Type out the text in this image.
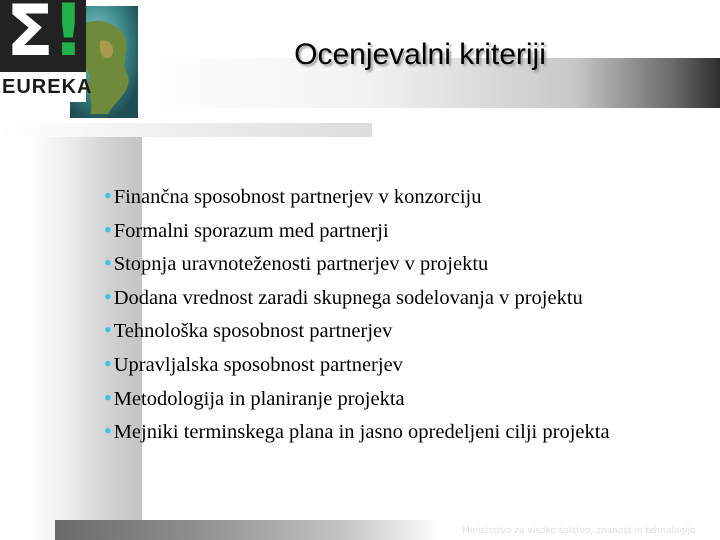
Σ
!
EUREKA
Ocenjevalni kriteriji
•Finančna sposobnost partnerjev v konzorciju
•Formalni sporazum med partnerji
•Stopnja uravnoteženosti partnerjev v projektu
•Dodana vrednost zaradi skupnega sodelovanja v projektu
•Tehnološka sposobnost partnerjev
•Upravljalska sposobnost partnerjev
•Metodologija in planiranje projekta
•Mejniki terminskega plana in jasno opredeljeni cilji projekta
Ministrstvo za visoko šolstvo, znanost in tehnologijo
